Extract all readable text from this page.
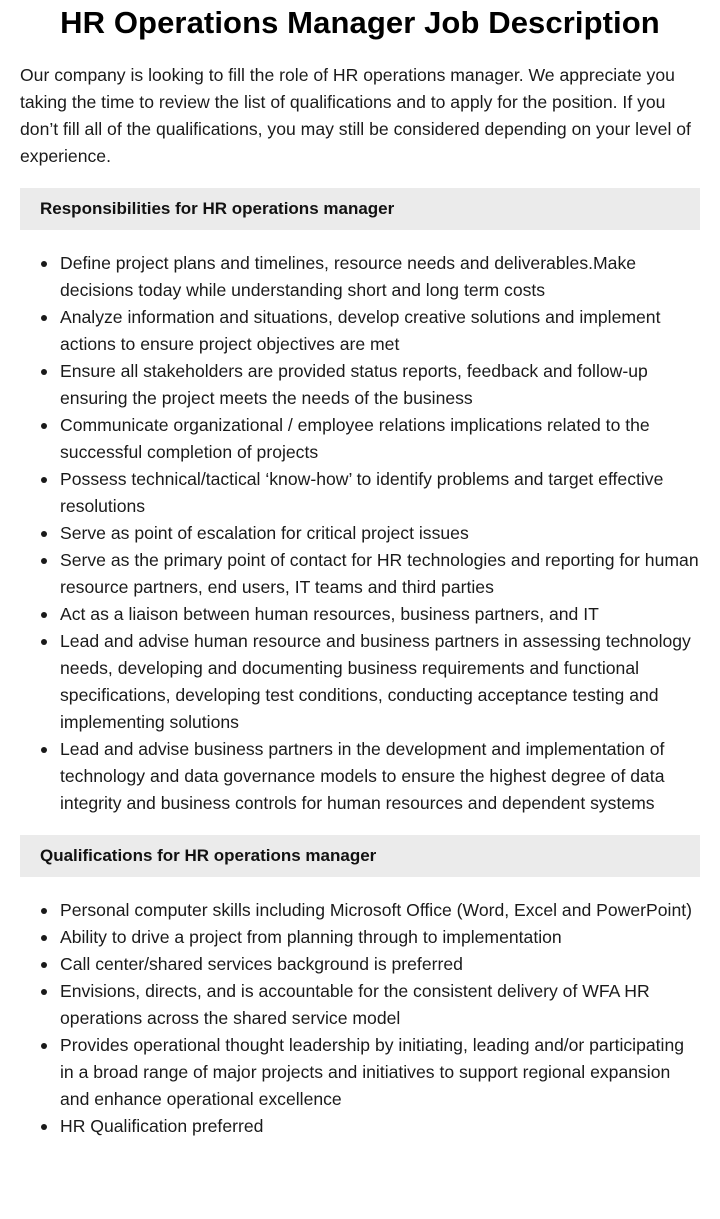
HR Operations Manager Job Description

Our company is looking to fill the role of HR operations manager. We appreciate you taking the time to review the list of qualifications and to apply for the position. If you don’t fill all of the qualifications, you may still be considered depending on your level of experience.

Responsibilities for HR operations manager
Define project plans and timelines, resource needs and deliverables.Make decisions today while understanding short and long term costs
Analyze information and situations, develop creative solutions and implement actions to ensure project objectives are met
Ensure all stakeholders are provided status reports, feedback and follow-up ensuring the project meets the needs of the business
Communicate organizational / employee relations implications related to the successful completion of projects
Possess technical/tactical ‘know-how’ to identify problems and target effective resolutions
Serve as point of escalation for critical project issues
Serve as the primary point of contact for HR technologies and reporting for human resource partners, end users, IT teams and third parties
Act as a liaison between human resources, business partners, and IT
Lead and advise human resource and business partners in assessing technology needs, developing and documenting business requirements and functional specifications, developing test conditions, conducting acceptance testing and implementing solutions
Lead and advise business partners in the development and implementation of technology and data governance models to ensure the highest degree of data integrity and business controls for human resources and dependent systems
Qualifications for HR operations manager
Personal computer skills including Microsoft Office (Word, Excel and PowerPoint)
Ability to drive a project from planning through to implementation
Call center/shared services background is preferred
Envisions, directs, and is accountable for the consistent delivery of WFA HR operations across the shared service model
Provides operational thought leadership by initiating, leading and/or participating in a broad range of major projects and initiatives to support regional expansion and enhance operational excellence
HR Qualification preferred
